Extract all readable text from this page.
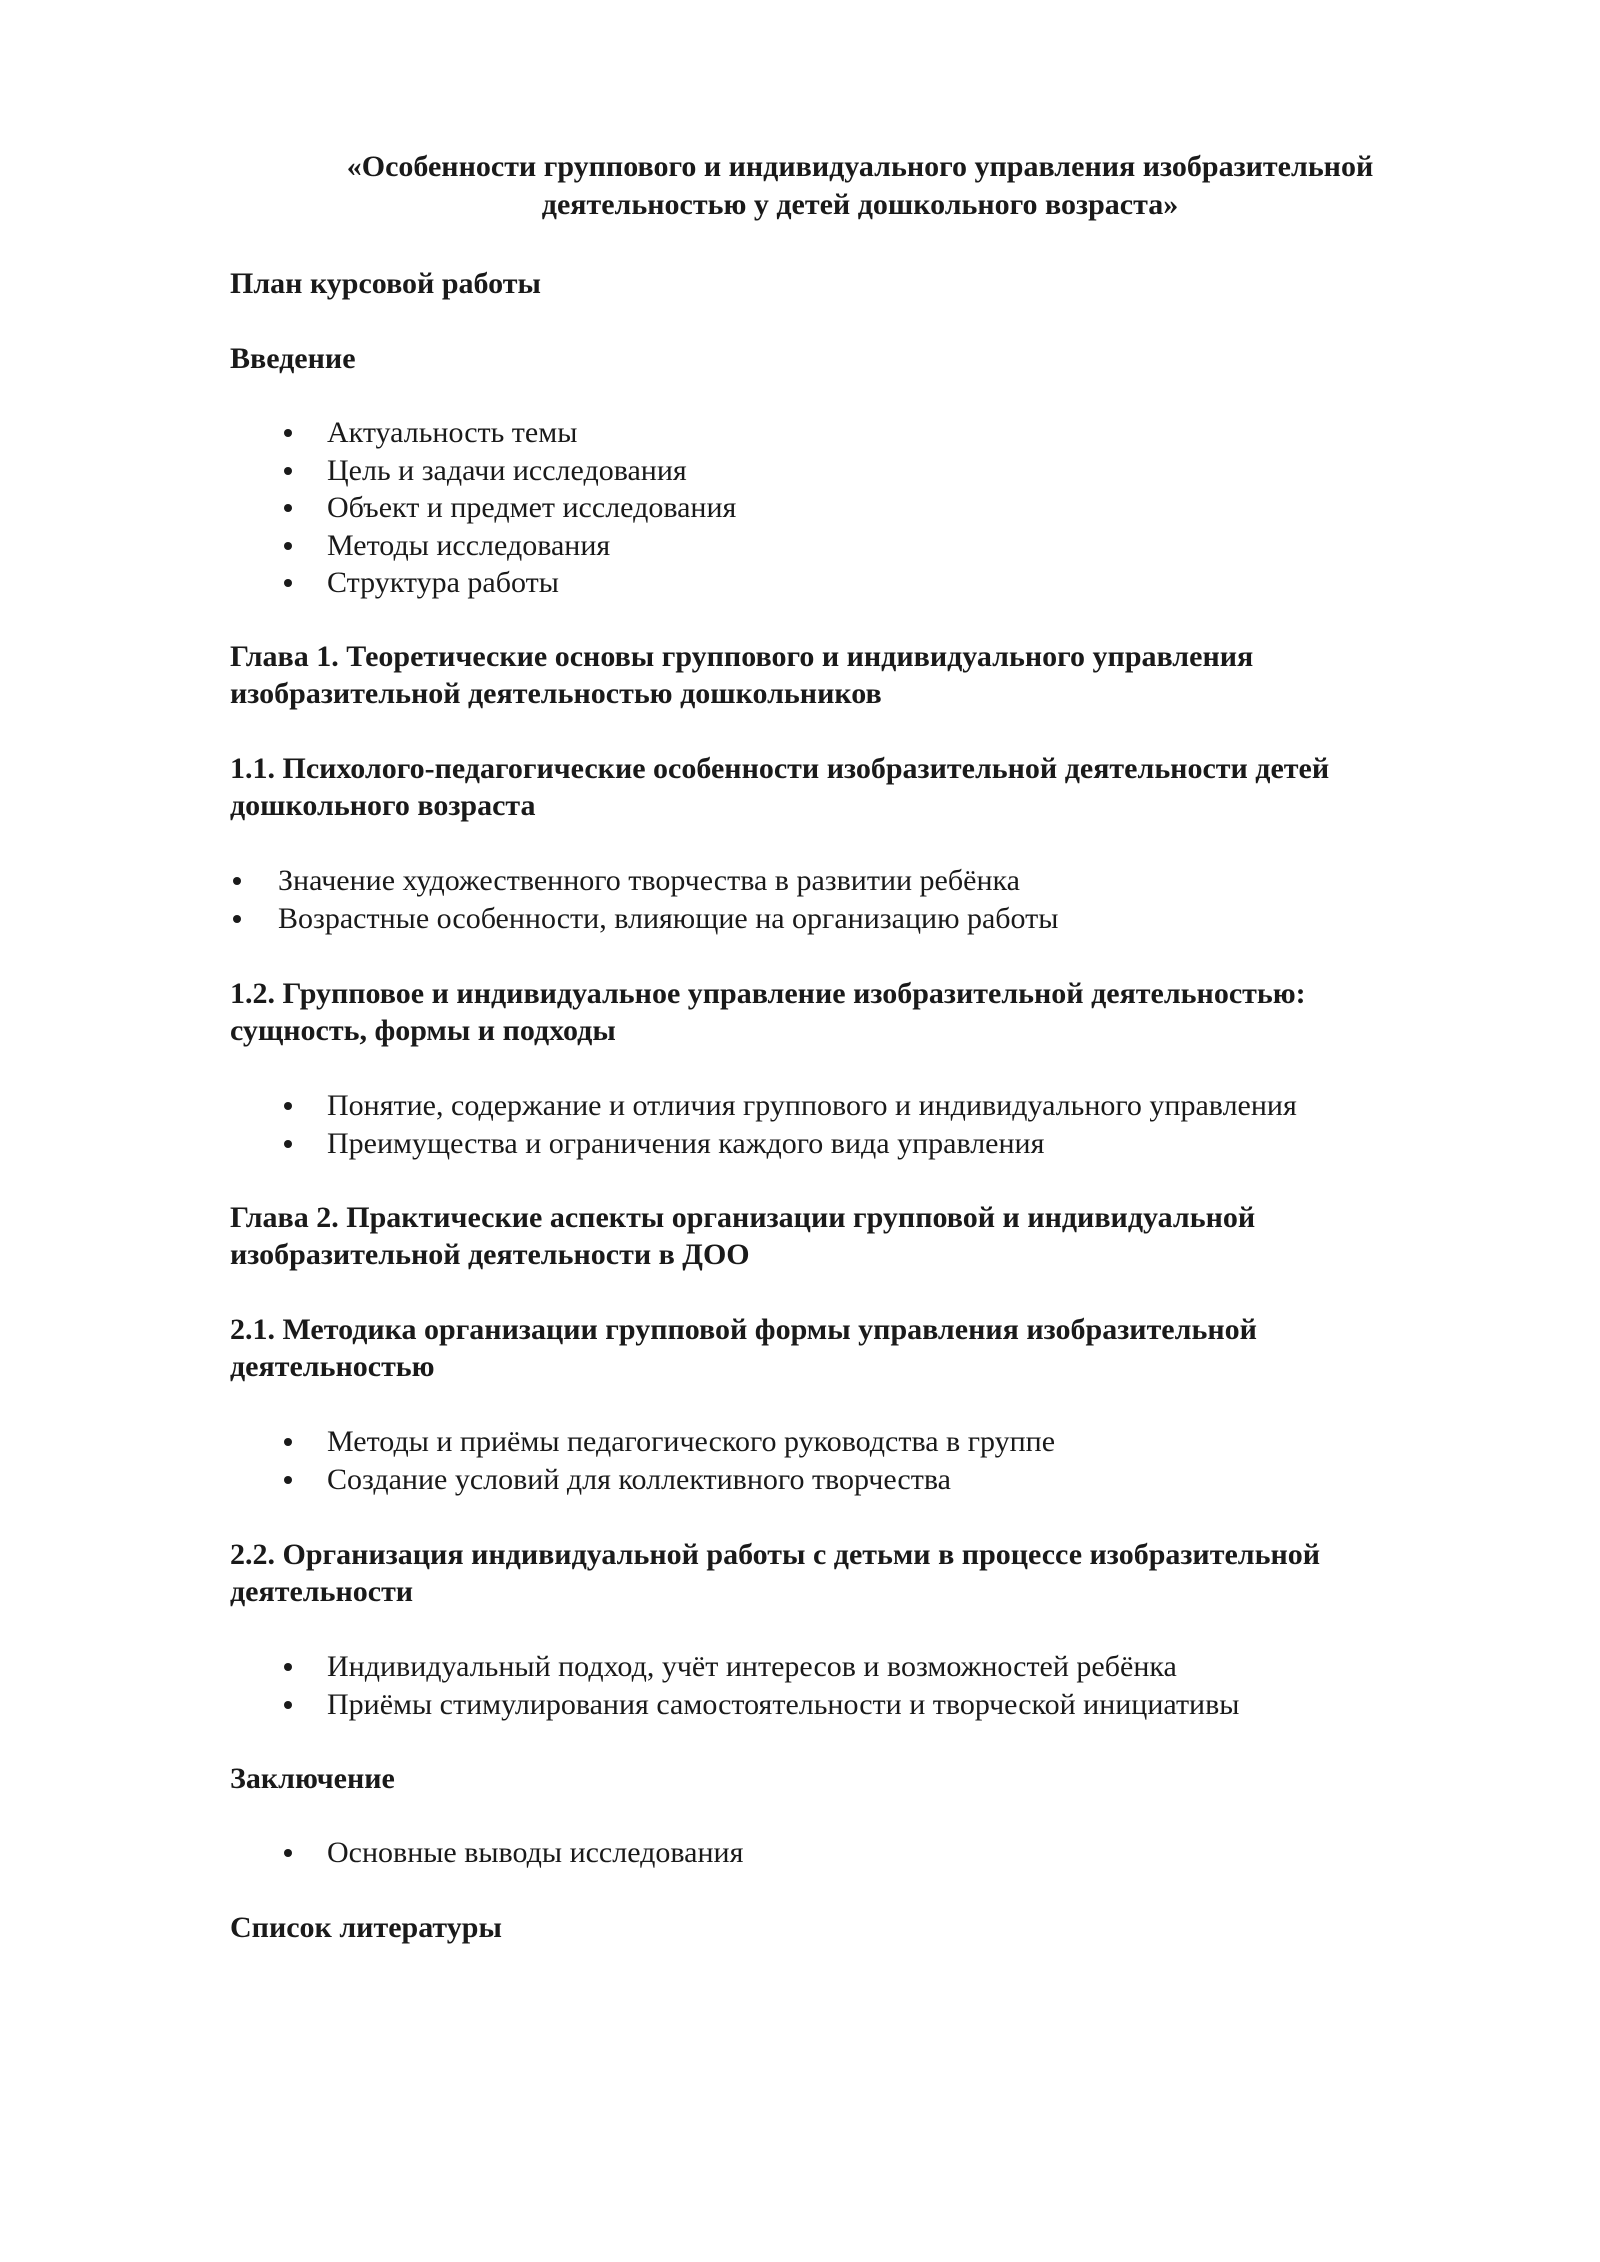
«Особенности группового и индивидуального управления изобразительной
деятельностью у детей дошкольного возраста»
План курсовой работы
Введение
Актуальность темы
Цель и задачи исследования
Объект и предмет исследования
Методы исследования
Структура работы
Глава 1. Теоретические основы группового и индивидуального управления
изобразительной деятельностью дошкольников
1.1. Психолого-педагогические особенности изобразительной деятельности детей
дошкольного возраста
Значение художественного творчества в развитии ребёнка
Возрастные особенности, влияющие на организацию работы
1.2. Групповое и индивидуальное управление изобразительной деятельностью:
сущность, формы и подходы
Понятие, содержание и отличия группового и индивидуального управления
Преимущества и ограничения каждого вида управления
Глава 2. Практические аспекты организации групповой и индивидуальной
изобразительной деятельности в ДОО
2.1. Методика организации групповой формы управления изобразительной
деятельностью
Методы и приёмы педагогического руководства в группе
Создание условий для коллективного творчества
2.2. Организация индивидуальной работы с детьми в процессе изобразительной
деятельности
Индивидуальный подход, учёт интересов и возможностей ребёнка
Приёмы стимулирования самостоятельности и творческой инициативы
Заключение
Основные выводы исследования
Список литературы
